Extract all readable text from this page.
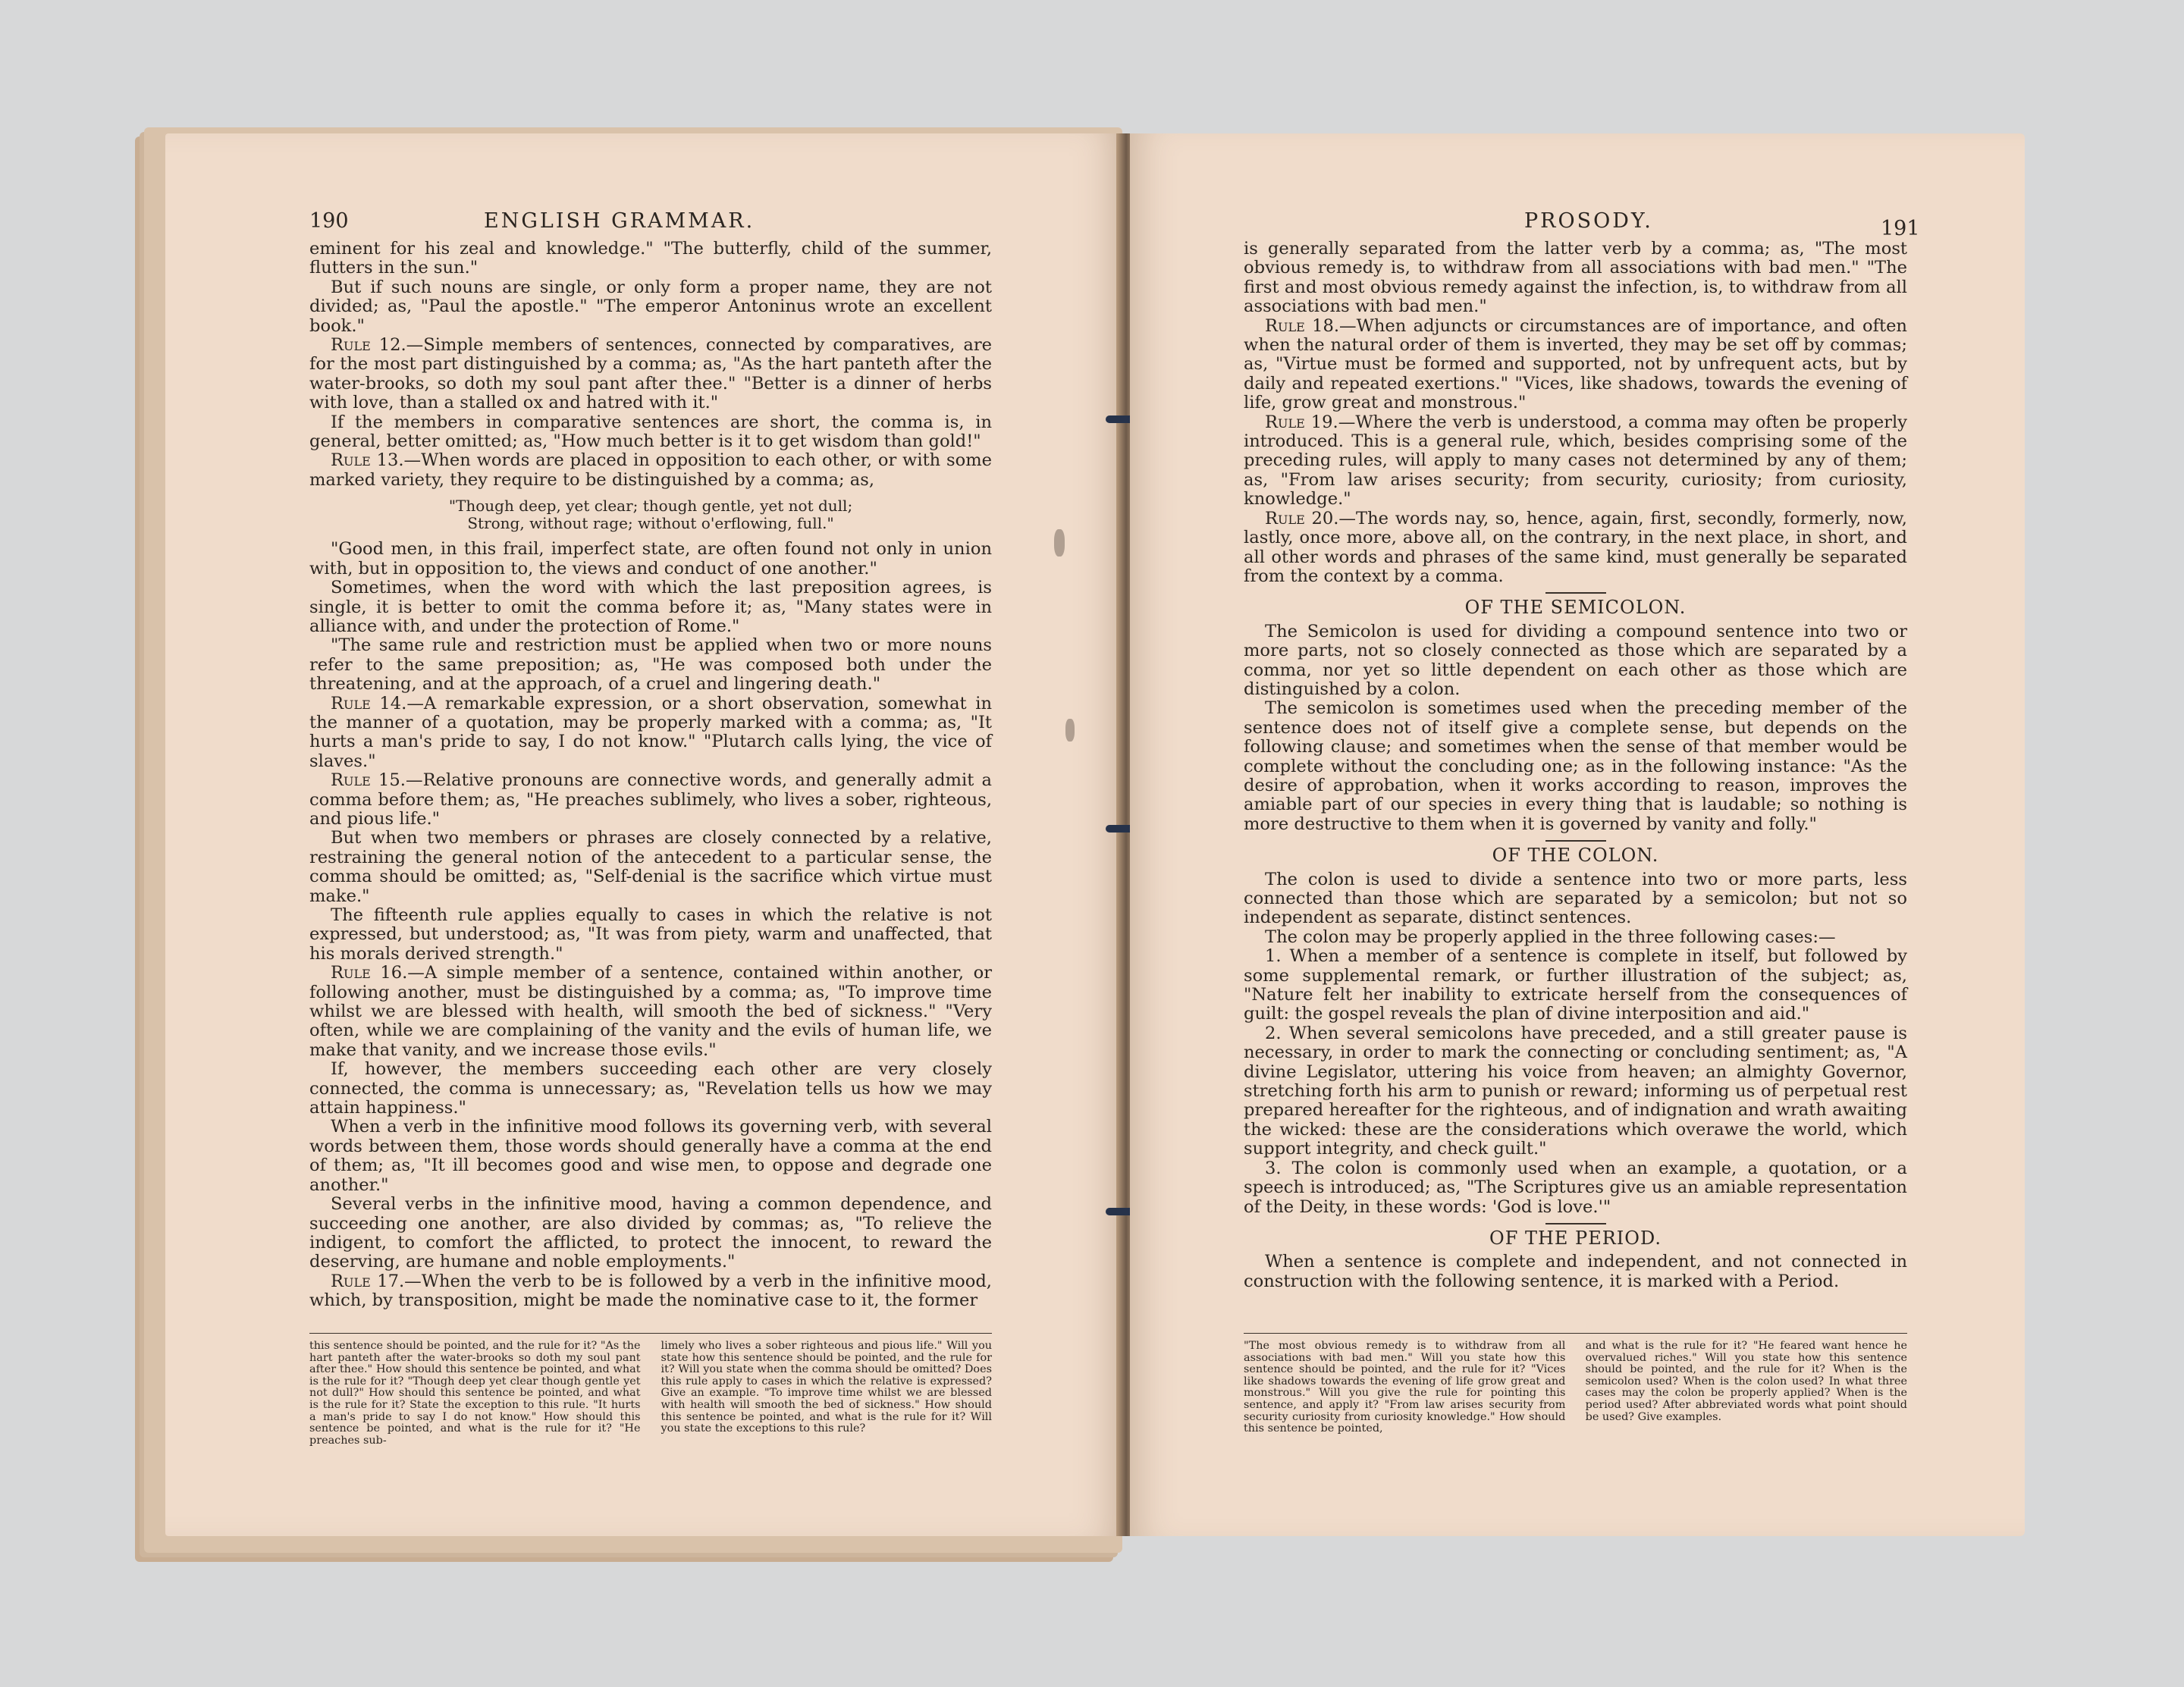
190	ENGLISH GRAMMAR.

eminent for his zeal and knowledge." "The butterfly, child of the summer, flutters in the sun."

But if such nouns are single, or only form a proper name, they are not divided; as, "Paul the apostle." "The emperor Antoninus wrote an excellent book."

Rule 12.—Simple members of sentences, connected by comparatives, are for the most part distinguished by a comma; as, "As the hart panteth after the water-brooks, so doth my soul pant after thee." "Better is a dinner of herbs with love, than a stalled ox and hatred with it."

If the members in comparative sentences are short, the comma is, in general, better omitted; as, "How much better is it to get wisdom than gold!"

Rule 13.—When words are placed in opposition to each other, or with some marked variety, they require to be distinguished by a comma; as,

"Though deep, yet clear; though gentle, yet not dull;
Strong, without rage; without o'erflowing, full."

"Good men, in this frail, imperfect state, are often found not only in union with, but in opposition to, the views and conduct of one another."

Sometimes, when the word with which the last preposition agrees, is single, it is better to omit the comma before it; as, "Many states were in alliance with, and under the protection of Rome."

"The same rule and restriction must be applied when two or more nouns refer to the same preposition; as, "He was composed both under the threatening, and at the approach, of a cruel and lingering death."

Rule 14.—A remarkable expression, or a short observation, somewhat in the manner of a quotation, may be properly marked with a comma; as, "It hurts a man's pride to say, I do not know." "Plutarch calls lying, the vice of slaves."

Rule 15.—Relative pronouns are connective words, and generally admit a comma before them; as, "He preaches sublimely, who lives a sober, righteous, and pious life."

But when two members or phrases are closely connected by a relative, restraining the general notion of the antecedent to a particular sense, the comma should be omitted; as, "Self-denial is the sacrifice which virtue must make."

The fifteenth rule applies equally to cases in which the relative is not expressed, but understood; as, "It was from piety, warm and unaffected, that his morals derived strength."

Rule 16.—A simple member of a sentence, contained within another, or following another, must be distinguished by a comma; as, "To improve time whilst we are blessed with health, will smooth the bed of sickness." "Very often, while we are complaining of the vanity and the evils of human life, we make that vanity, and we increase those evils."

If, however, the members succeeding each other are very closely connected, the comma is unnecessary; as, "Revelation tells us how we may attain happiness."

When a verb in the infinitive mood follows its governing verb, with several words between them, those words should generally have a comma at the end of them; as, "It ill becomes good and wise men, to oppose and degrade one another."

Several verbs in the infinitive mood, having a common dependence, and succeeding one another, are also divided by commas; as, "To relieve the indigent, to comfort the afflicted, to protect the innocent, to reward the deserving, are humane and noble employments."

Rule 17.—When the verb to be is followed by a verb in the infinitive mood, which, by transposition, might be made the nominative case to it, the former

this sentence should be pointed, and the rule for it? "As the hart panteth after the water-brooks so doth my soul pant after thee." How should this sentence be pointed, and what is the rule for it? "Though deep yet clear though gentle yet not dull?" How should this sentence be pointed, and what is the rule for it? State the exception to this rule. "It hurts a man's pride to say I do not know." How should this sentence be pointed, and what is the rule for it? "He preaches sub-
limely who lives a sober righteous and pious life." Will you state how this sentence should be pointed, and the rule for it? Will you state when the comma should be omitted? Does this rule apply to cases in which the relative is expressed? Give an example. "To improve time whilst we are blessed with health will smooth the bed of sickness." How should this sentence be pointed, and what is the rule for it? Will you state the exceptions to this rule?
PROSODY.	191

is generally separated from the latter verb by a comma; as, "The most obvious remedy is, to withdraw from all associations with bad men." "The first and most obvious remedy against the infection, is, to withdraw from all associations with bad men."

Rule 18.—When adjuncts or circumstances are of importance, and often when the natural order of them is inverted, they may be set off by commas; as, "Virtue must be formed and supported, not by unfrequent acts, but by daily and repeated exertions." "Vices, like shadows, towards the evening of life, grow great and monstrous."

Rule 19.—Where the verb is understood, a comma may often be properly introduced. This is a general rule, which, besides comprising some of the preceding rules, will apply to many cases not determined by any of them; as, "From law arises security; from security, curiosity; from curiosity, knowledge."

Rule 20.—The words nay, so, hence, again, first, secondly, formerly, now, lastly, once more, above all, on the contrary, in the next place, in short, and all other words and phrases of the same kind, must generally be separated from the context by a comma.

OF THE SEMICOLON.

The Semicolon is used for dividing a compound sentence into two or more parts, not so closely connected as those which are separated by a comma, nor yet so little dependent on each other as those which are distinguished by a colon.

The semicolon is sometimes used when the preceding member of the sentence does not of itself give a complete sense, but depends on the following clause; and sometimes when the sense of that member would be complete without the concluding one; as in the following instance: "As the desire of approbation, when it works according to reason, improves the amiable part of our species in every thing that is laudable; so nothing is more destructive to them when it is governed by vanity and folly."

OF THE COLON.

The colon is used to divide a sentence into two or more parts, less connected than those which are separated by a semicolon; but not so independent as separate, distinct sentences.

The colon may be properly applied in the three following cases:—

1. When a member of a sentence is complete in itself, but followed by some supplemental remark, or further illustration of the subject; as, "Nature felt her inability to extricate herself from the consequences of guilt: the gospel reveals the plan of divine interposition and aid."

2. When several semicolons have preceded, and a still greater pause is necessary, in order to mark the connecting or concluding sentiment; as, "A divine Legislator, uttering his voice from heaven; an almighty Governor, stretching forth his arm to punish or reward; informing us of perpetual rest prepared hereafter for the righteous, and of indignation and wrath awaiting the wicked: these are the considerations which overawe the world, which support integrity, and check guilt."

3. The colon is commonly used when an example, a quotation, or a speech is introduced; as, "The Scriptures give us an amiable representation of the Deity, in these words: 'God is love.'"

OF THE PERIOD.

When a sentence is complete and independent, and not connected in construction with the following sentence, it is marked with a Period.

"The most obvious remedy is to withdraw from all associations with bad men." Will you state how this sentence should be pointed, and the rule for it? "Vices like shadows towards the evening of life grow great and monstrous." Will you give the rule for pointing this sentence, and apply it? "From law arises security from security curiosity from curiosity knowledge." How should this sentence be pointed,
and what is the rule for it? "He feared want hence he overvalued riches." Will you state how this sentence should be pointed, and the rule for it? When is the semicolon used? When is the colon used? In what three cases may the colon be properly applied? When is the period used? After abbreviated words what point should be used? Give examples.
